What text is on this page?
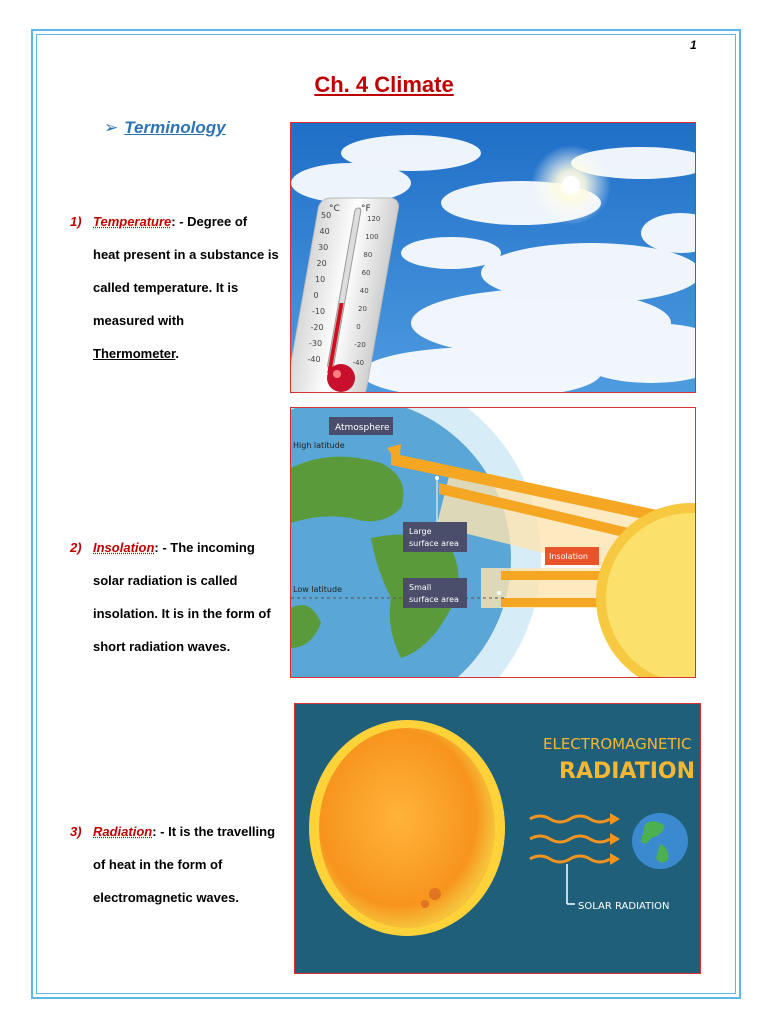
1
Ch. 4 Climate
➢ Terminology
1) Temperature: - Degree of
heat present in a substance is
called temperature. It is
measured with
Thermometer.
2) Insolation: - The incoming
solar radiation is called
insolation. It is in the form of
short radiation waves.
3) Radiation: - It is the travelling
of heat in the form of
electromagnetic waves.
°C °F
50
40
30
20
10
0
-10
-20
-30
-40
120
100
80
60
40
20
0
-20
-40
Atmosphere
High latitude
Low latitude
Large
surface area
Small
surface area
Insolation
ELECTROMAGNETIC
RADIATION
SOLAR RADIATION
